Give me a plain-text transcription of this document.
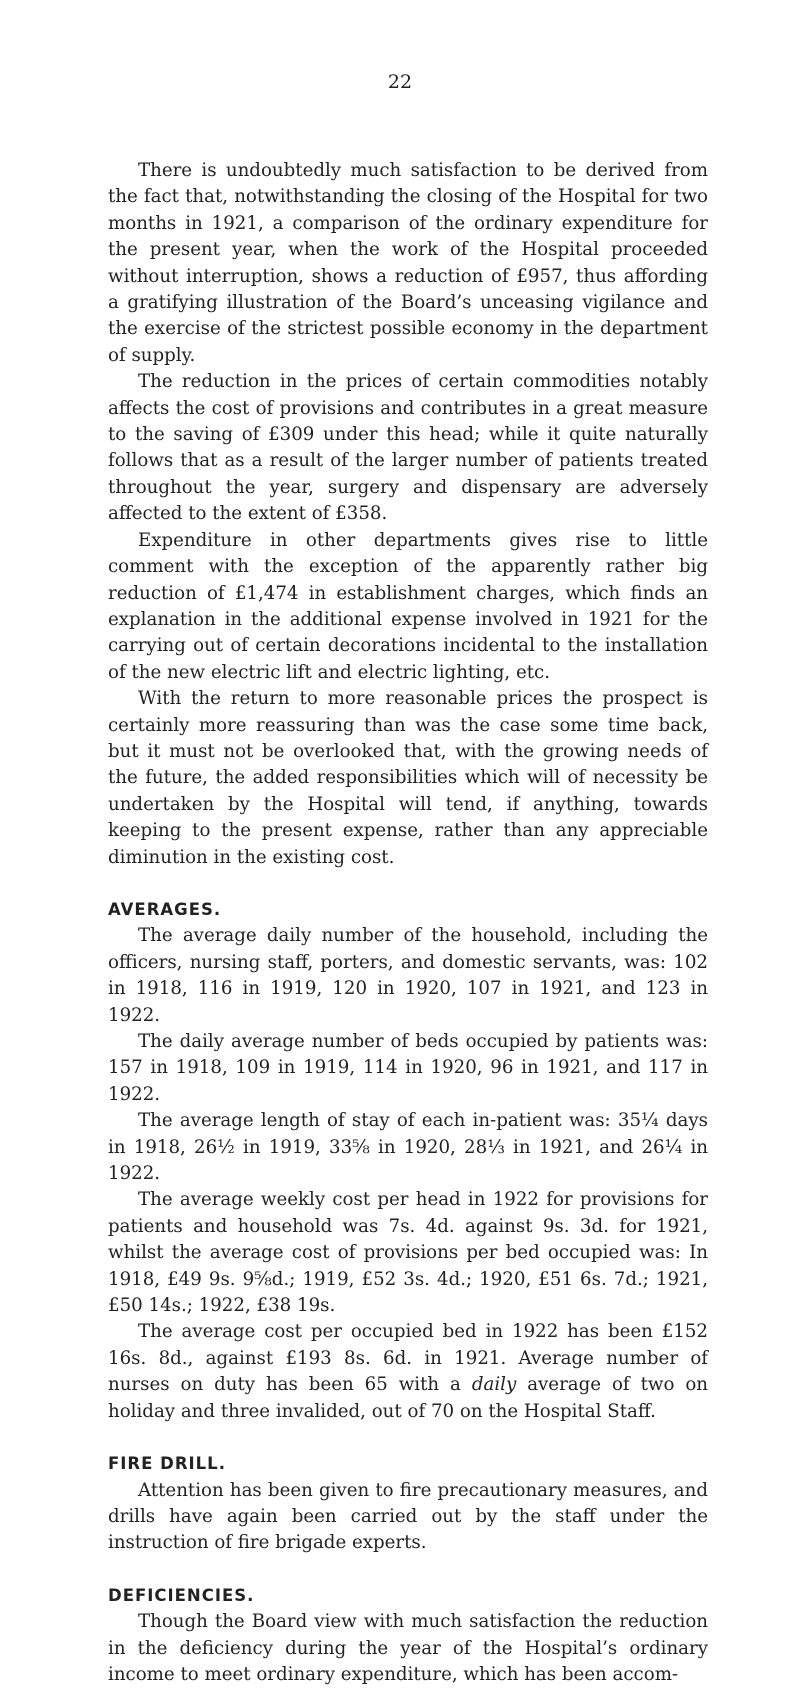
22

There is undoubtedly much satisfaction to be derived from the fact that, notwithstanding the closing of the Hospital for two months in 1921, a comparison of the ordinary expenditure for the present year, when the work of the Hospital proceeded without interruption, shows a reduction of £957, thus affording a gratifying illustration of the Board’s unceasing vigilance and the exercise of the strictest possible economy in the department of supply.

The reduction in the prices of certain commodities notably affects the cost of provisions and contributes in a great measure to the saving of £309 under this head; while it quite naturally follows that as a result of the larger number of patients treated throughout the year, surgery and dispensary are adversely affected to the extent of £358.

Expenditure in other departments gives rise to little comment with the exception of the apparently rather big reduction of £1,474 in establishment charges, which finds an explanation in the additional expense involved in 1921 for the carrying out of certain decorations incidental to the installation of the new electric lift and electric lighting, etc.

With the return to more reasonable prices the prospect is certainly more reassuring than was the case some time back, but it must not be overlooked that, with the growing needs of the future, the added responsibilities which will of necessity be undertaken by the Hospital will tend, if anything, towards keeping to the present expense, rather than any appreciable diminution in the existing cost.

AVERAGES.

The average daily number of the household, including the officers, nursing staff, porters, and domestic servants, was: 102 in 1918, 116 in 1919, 120 in 1920, 107 in 1921, and 123 in 1922.

The daily average number of beds occupied by patients was: 157 in 1918, 109 in 1919, 114 in 1920, 96 in 1921, and 117 in 1922.

The average length of stay of each in-patient was: 35¼ days in 1918, 26½ in 1919, 33⅝ in 1920, 28⅓ in 1921, and 26¼ in 1922.

The average weekly cost per head in 1922 for provisions for patients and household was 7s. 4d. against 9s. 3d. for 1921, whilst the average cost of provisions per bed occupied was: In 1918, £49 9s. 9⅝d.; 1919, £52 3s. 4d.; 1920, £51 6s. 7d.; 1921, £50 14s.; 1922, £38 19s.

The average cost per occupied bed in 1922 has been £152 16s. 8d., against £193 8s. 6d. in 1921. Average number of nurses on duty has been 65 with a daily average of two on holiday and three invalided, out of 70 on the Hospital Staff.

FIRE DRILL.

Attention has been given to fire precautionary measures, and drills have again been carried out by the staff under the instruction of fire brigade experts.

DEFICIENCIES.

Though the Board view with much satisfaction the reduction in the deficiency during the year of the Hospital’s ordinary income to meet ordinary expenditure, which has been accom-
